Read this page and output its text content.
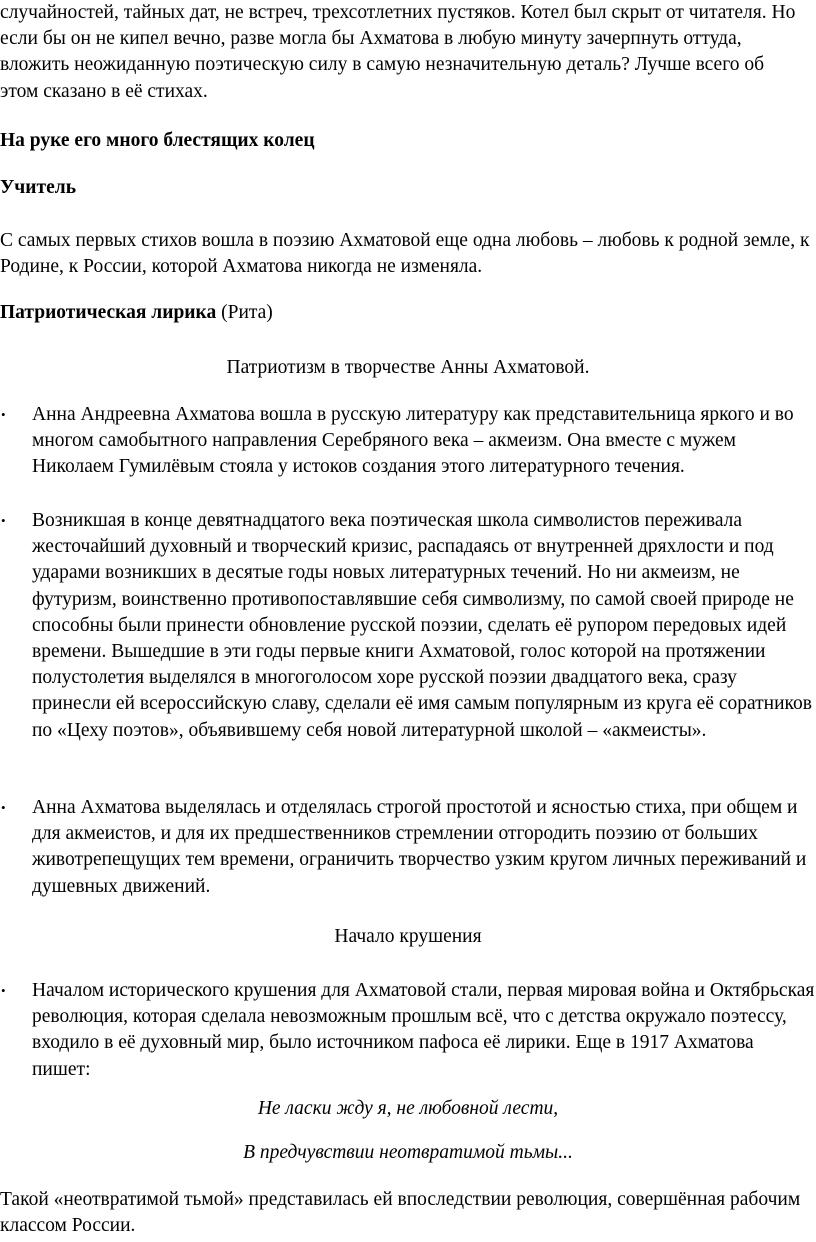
случайностей, тайных дат, не встреч, трехсотлетних пустяков. Котел был скрыт от читателя. Но если бы он не кипел вечно, разве могла бы Ахматова в любую минуту зачерпнуть оттуда, вложить неожиданную поэтическую силу в самую незначительную деталь? Лучше всего об этом сказано в её стихах.

На руке его много блестящих колец

Учитель

С самых первых стихов вошла в поэзию Ахматовой еще одна любовь – любовь к родной земле, к Родине, к России, которой Ахматова никогда не изменяла.

Патриотическая лирика (Рита)

Патриотизм в творчестве Анны Ахматовой.

•	Анна Андреевна Ахматова вошла в русскую литературу как представительница яркого и во многом самобытного направления Серебряного века – акмеизм. Она вместе с мужем Николаем Гумилёвым стояла у истоков создания этого литературного течения.
•	Возникшая в конце девятнадцатого века поэтическая школа символистов переживала жесточайший духовный и творческий кризис, распадаясь от внутренней дряхлости и под ударами возникших в десятые годы новых литературных течений. Но ни акмеизм, не футуризм, воинственно противопоставлявшие себя символизму, по самой своей природе не способны были принести обновление русской поэзии, сделать её рупором передовых идей времени. Вышедшие в эти годы первые книги Ахматовой, голос которой на протяжении полустолетия выделялся в многоголосом хоре русской поэзии двадцатого века, сразу принесли ей всероссийскую славу, сделали её имя самым популярным из круга её соратников по «Цеху поэтов», объявившему себя новой литературной школой – «акмеисты».
•	Анна Ахматова выделялась и отделялась строгой простотой и ясностью стиха, при общем и для акмеистов, и для их предшественников стремлении отгородить поэзию от больших животрепещущих тем времени, ограничить творчество узким кругом личных переживаний и душевных движений.

Начало крушения

•	Началом исторического крушения для Ахматовой стали, первая мировая война и Октябрьская революция, которая сделала невозможным прошлым всё, что с детства окружало поэтессу, входило в её духовный мир, было источником пафоса её лирики. Еще в 1917 Ахматова пишет:

Не ласки жду я, не любовной лести,

В предчувствии неотвратимой тьмы...

Такой «неотвратимой тьмой» представилась ей впоследствии революция, совершённая рабочим классом России.
